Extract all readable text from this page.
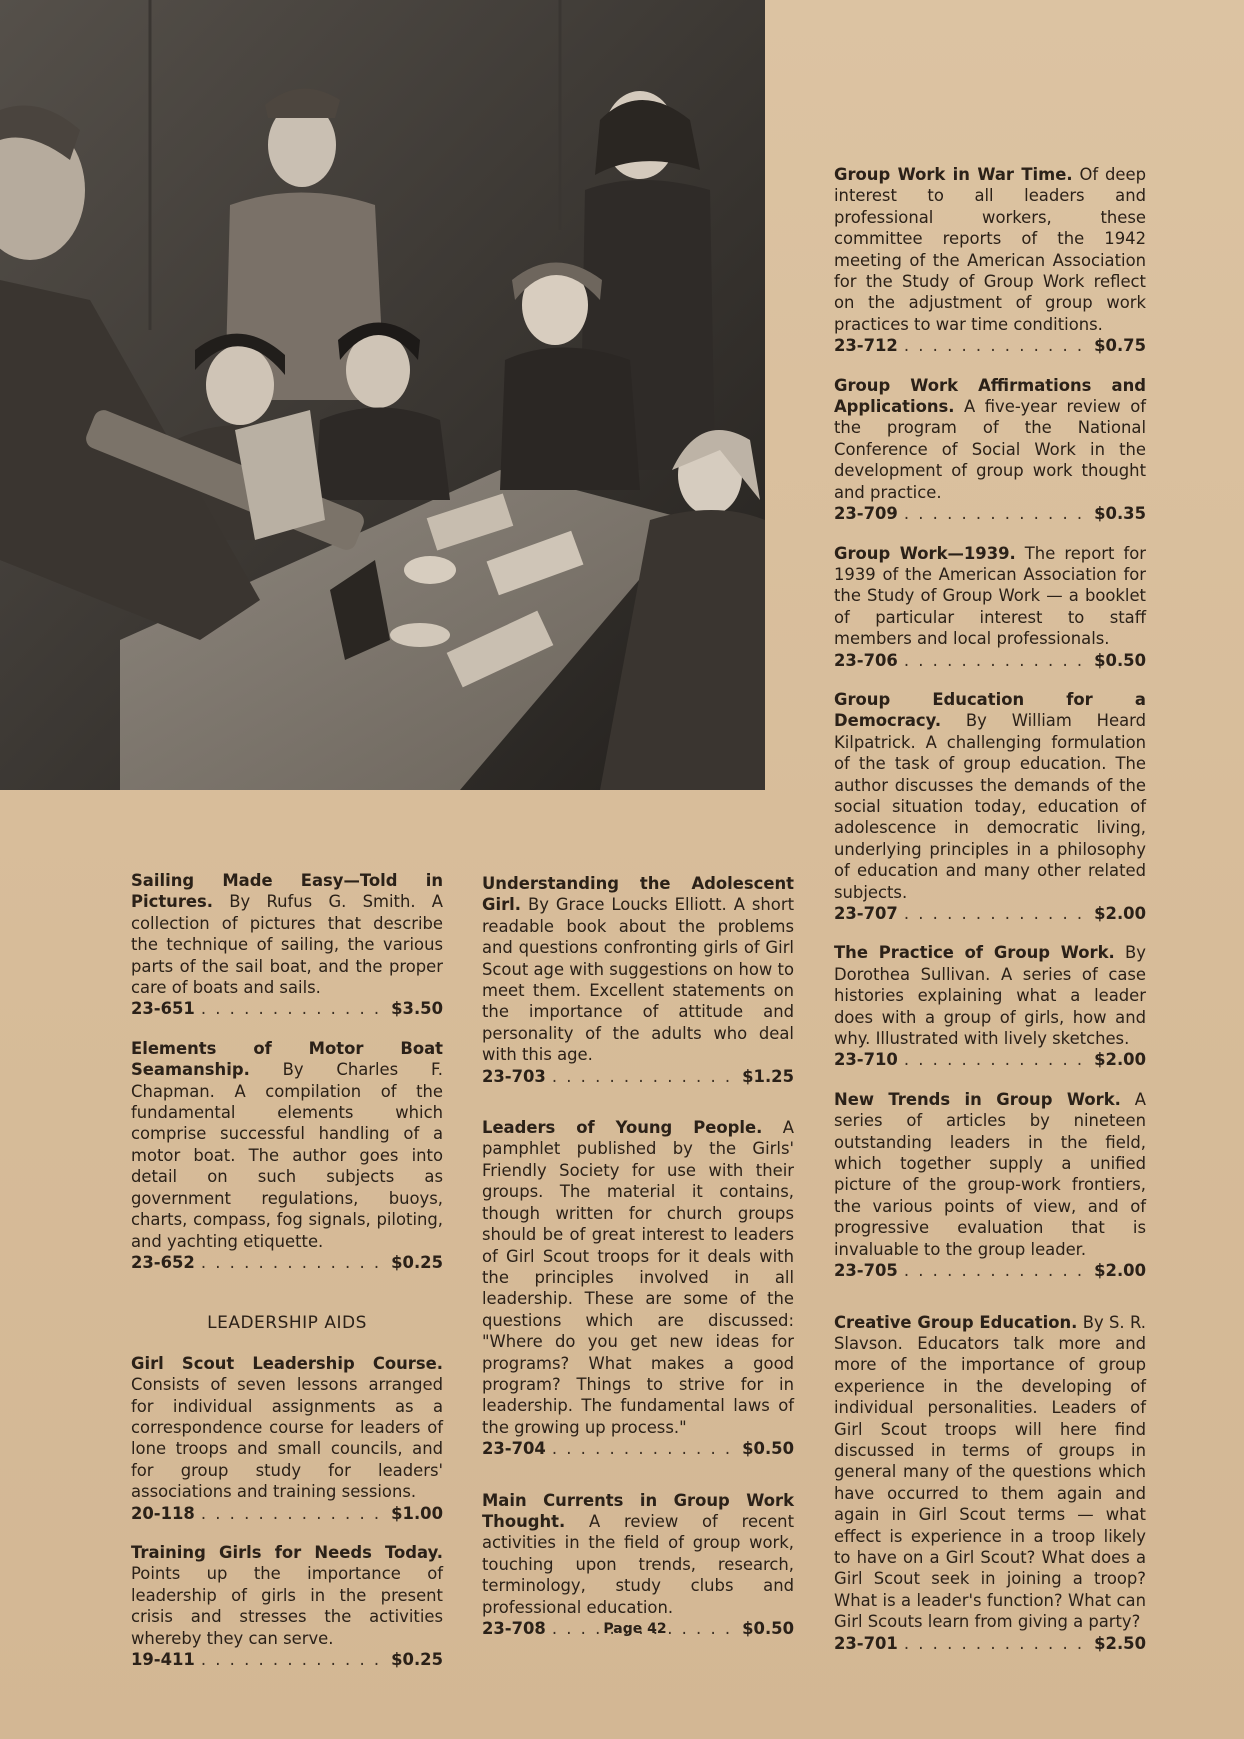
Sailing Made Easy—Told in Pictures. By Rufus G. Smith. A collection of pictures that describe the technique of sailing, the various parts of the sail boat, and the proper care of boats and sails.
23-651 . . .	$3.50
Elements of Motor Boat Seamanship. By Charles F. Chapman. A compilation of the fundamental elements which comprise successful handling of a motor boat. The author goes into detail on such subjects as government regulations, buoys, charts, compass, fog signals, piloting, and yachting etiquette.
23-652 . . .	$0.25
LEADERSHIP AIDS
Girl Scout Leadership Course. Consists of seven lessons arranged for individual assignments as a correspondence course for leaders of lone troops and small councils, and for group study for leaders' associations and training sessions.
20-118 . . .	$1.00
Training Girls for Needs Today. Points up the importance of leadership of girls in the present crisis and stresses the activities whereby they can serve.
19-411 . . .	$0.25
Understanding the Adolescent Girl. By Grace Loucks Elliott. A short readable book about the problems and questions confronting girls of Girl Scout age with suggestions on how to meet them. Excellent statements on the importance of attitude and personality of the adults who deal with this age.
23-703 . . .	$1.25
Leaders of Young People. A pamphlet published by the Girls' Friendly Society for use with their groups. The material it contains, though written for church groups should be of great interest to leaders of Girl Scout troops for it deals with the principles involved in all leadership. These are some of the questions which are discussed: "Where do you get new ideas for programs? What makes a good program? Things to strive for in leadership. The fundamental laws of the growing up process."
23-704 . . .	$0.50
Main Currents in Group Work Thought. A review of recent activities in the field of group work, touching upon trends, research, terminology, study clubs and professional education.
23-708 . . .	$0.50
Group Work in War Time. Of deep interest to all leaders and professional workers, these committee reports of the 1942 meeting of the American Association for the Study of Group Work reflect on the adjustment of group work practices to war time conditions.
23-712 . . .	$0.75
Group Work Affirmations and Applications. A five-year review of the program of the National Conference of Social Work in the development of group work thought and practice.
23-709 . . .	$0.35
Group Work—1939. The report for 1939 of the American Association for the Study of Group Work — a booklet of particular interest to staff members and local professionals.
23-706 . . .	$0.50
Group Education for a Democracy. By William Heard Kilpatrick. A challenging formulation of the task of group education. The author discusses the demands of the social situation today, education of adolescence in democratic living, underlying principles in a philosophy of education and many other related subjects.
23-707 . . .	$2.00
The Practice of Group Work. By Dorothea Sullivan. A series of case histories explaining what a leader does with a group of girls, how and why. Illustrated with lively sketches.
23-710 . . .	$2.00
New Trends in Group Work. A series of articles by nineteen outstanding leaders in the field, which together supply a unified picture of the group-work frontiers, the various points of view, and of progressive evaluation that is invaluable to the group leader.
23-705 . . .	$2.00
Creative Group Education. By S. R. Slavson. Educators talk more and more of the importance of group experience in the developing of individual personalities. Leaders of Girl Scout troops will here find discussed in terms of groups in general many of the questions which have occurred to them again and again in Girl Scout terms — what effect is experience in a troop likely to have on a Girl Scout? What does a Girl Scout seek in joining a troop? What is a leader's function? What can Girl Scouts learn from giving a party?
23-701 . . .	$2.50
Page 42
